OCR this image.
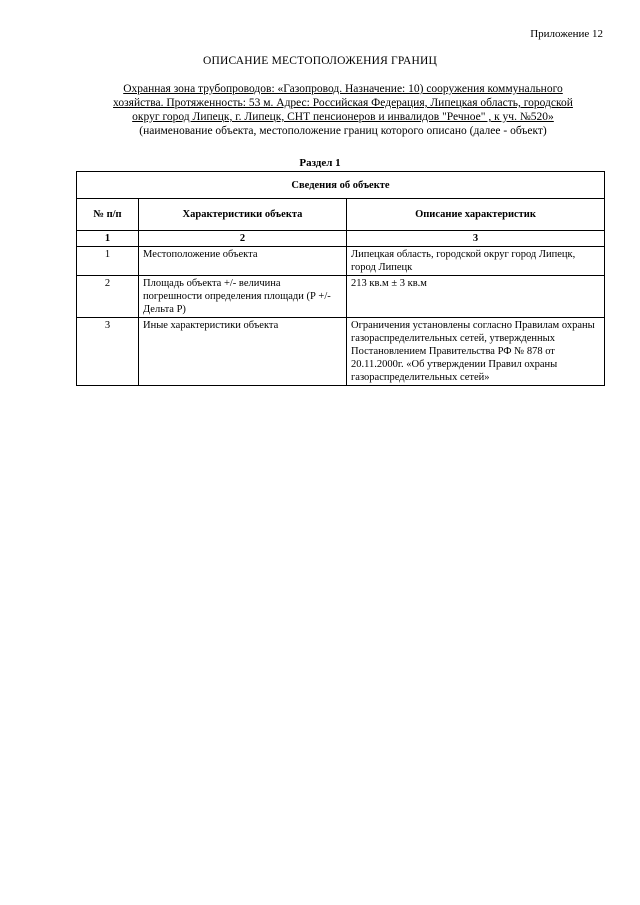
Приложение 12
ОПИСАНИЕ МЕСТОПОЛОЖЕНИЯ ГРАНИЦ
Охранная зона трубопроводов: «Газопровод. Назначение: 10) сооружения коммунального
хозяйства. Протяженность: 53 м. Адрес: Российская Федерация, Липецкая область, городской
округ город Липецк, г. Липецк, СНТ пенсионеров и инвалидов "Речное" , к уч. №520»
(наименование объекта, местоположение границ которого описано (далее - объект)
Раздел 1
Сведения об объекте		
№ п/п	Характеристики объекта	Описание характеристик
1	2	3
1	Местоположение объекта	Липецкая область, городской округ город Липецк, город Липецк
2	Площадь объекта +/- величина погрешности определения площади (Р +/- Дельта Р)	213 кв.м ± 3 кв.м
3	Иные характеристики объекта	Ограничения установлены согласно Правилам охраны газораспределительных сетей, утвержденных Постановлением Правительства РФ № 878 от 20.11.2000г. «Об утверждении Правил охраны газораспределительных сетей»
